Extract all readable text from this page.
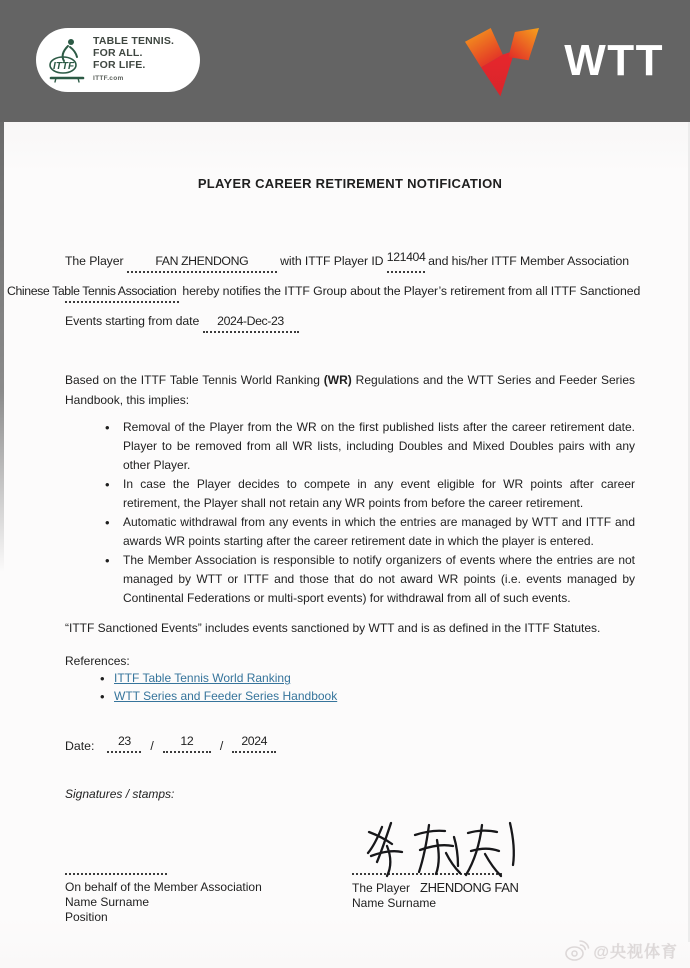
ITTF
TABLE TENNIS.
FOR ALL.
FOR LIFE.
ITTF.com	WTT
PLAYER CAREER RETIREMENT NOTIFICATION
The Player	FAN ZHENDONG	with ITTF Player ID 121404 and his/her ITTF Member Association
Chinese Table Tennis Association hereby notifies the ITTF Group about the Player’s retirement from all ITTF Sanctioned
Events starting from date 2024-Dec-23
Based on the ITTF Table Tennis World Ranking (WR) Regulations and the WTT Series and Feeder Series Handbook, this implies:
• Removal of the Player from the WR on the first published lists after the career retirement date. Player to be removed from all WR lists, including Doubles and Mixed Doubles pairs with any other Player.
• In case the Player decides to compete in any event eligible for WR points after career retirement, the Player shall not retain any WR points from before the career retirement.
• Automatic withdrawal from any events in which the entries are managed by WTT and ITTF and awards WR points starting after the career retirement date in which the player is entered.
• The Member Association is responsible to notify organizers of events where the entries are not managed by WTT or ITTF and those that do not award WR points (i.e. events managed by Continental Federations or multi-sport events) for withdrawal from all of such events.
“ITTF Sanctioned Events” includes events sanctioned by WTT and is as defined in the ITTF Statutes.
References:
• ITTF Table Tennis World Ranking
• WTT Series and Feeder Series Handbook
Date:	23	/	12	/	2024
Signatures / stamps:
On behalf of the Member Association
Name Surname
Position
The Player ZHENDONG FAN
Name Surname
@央视体育
